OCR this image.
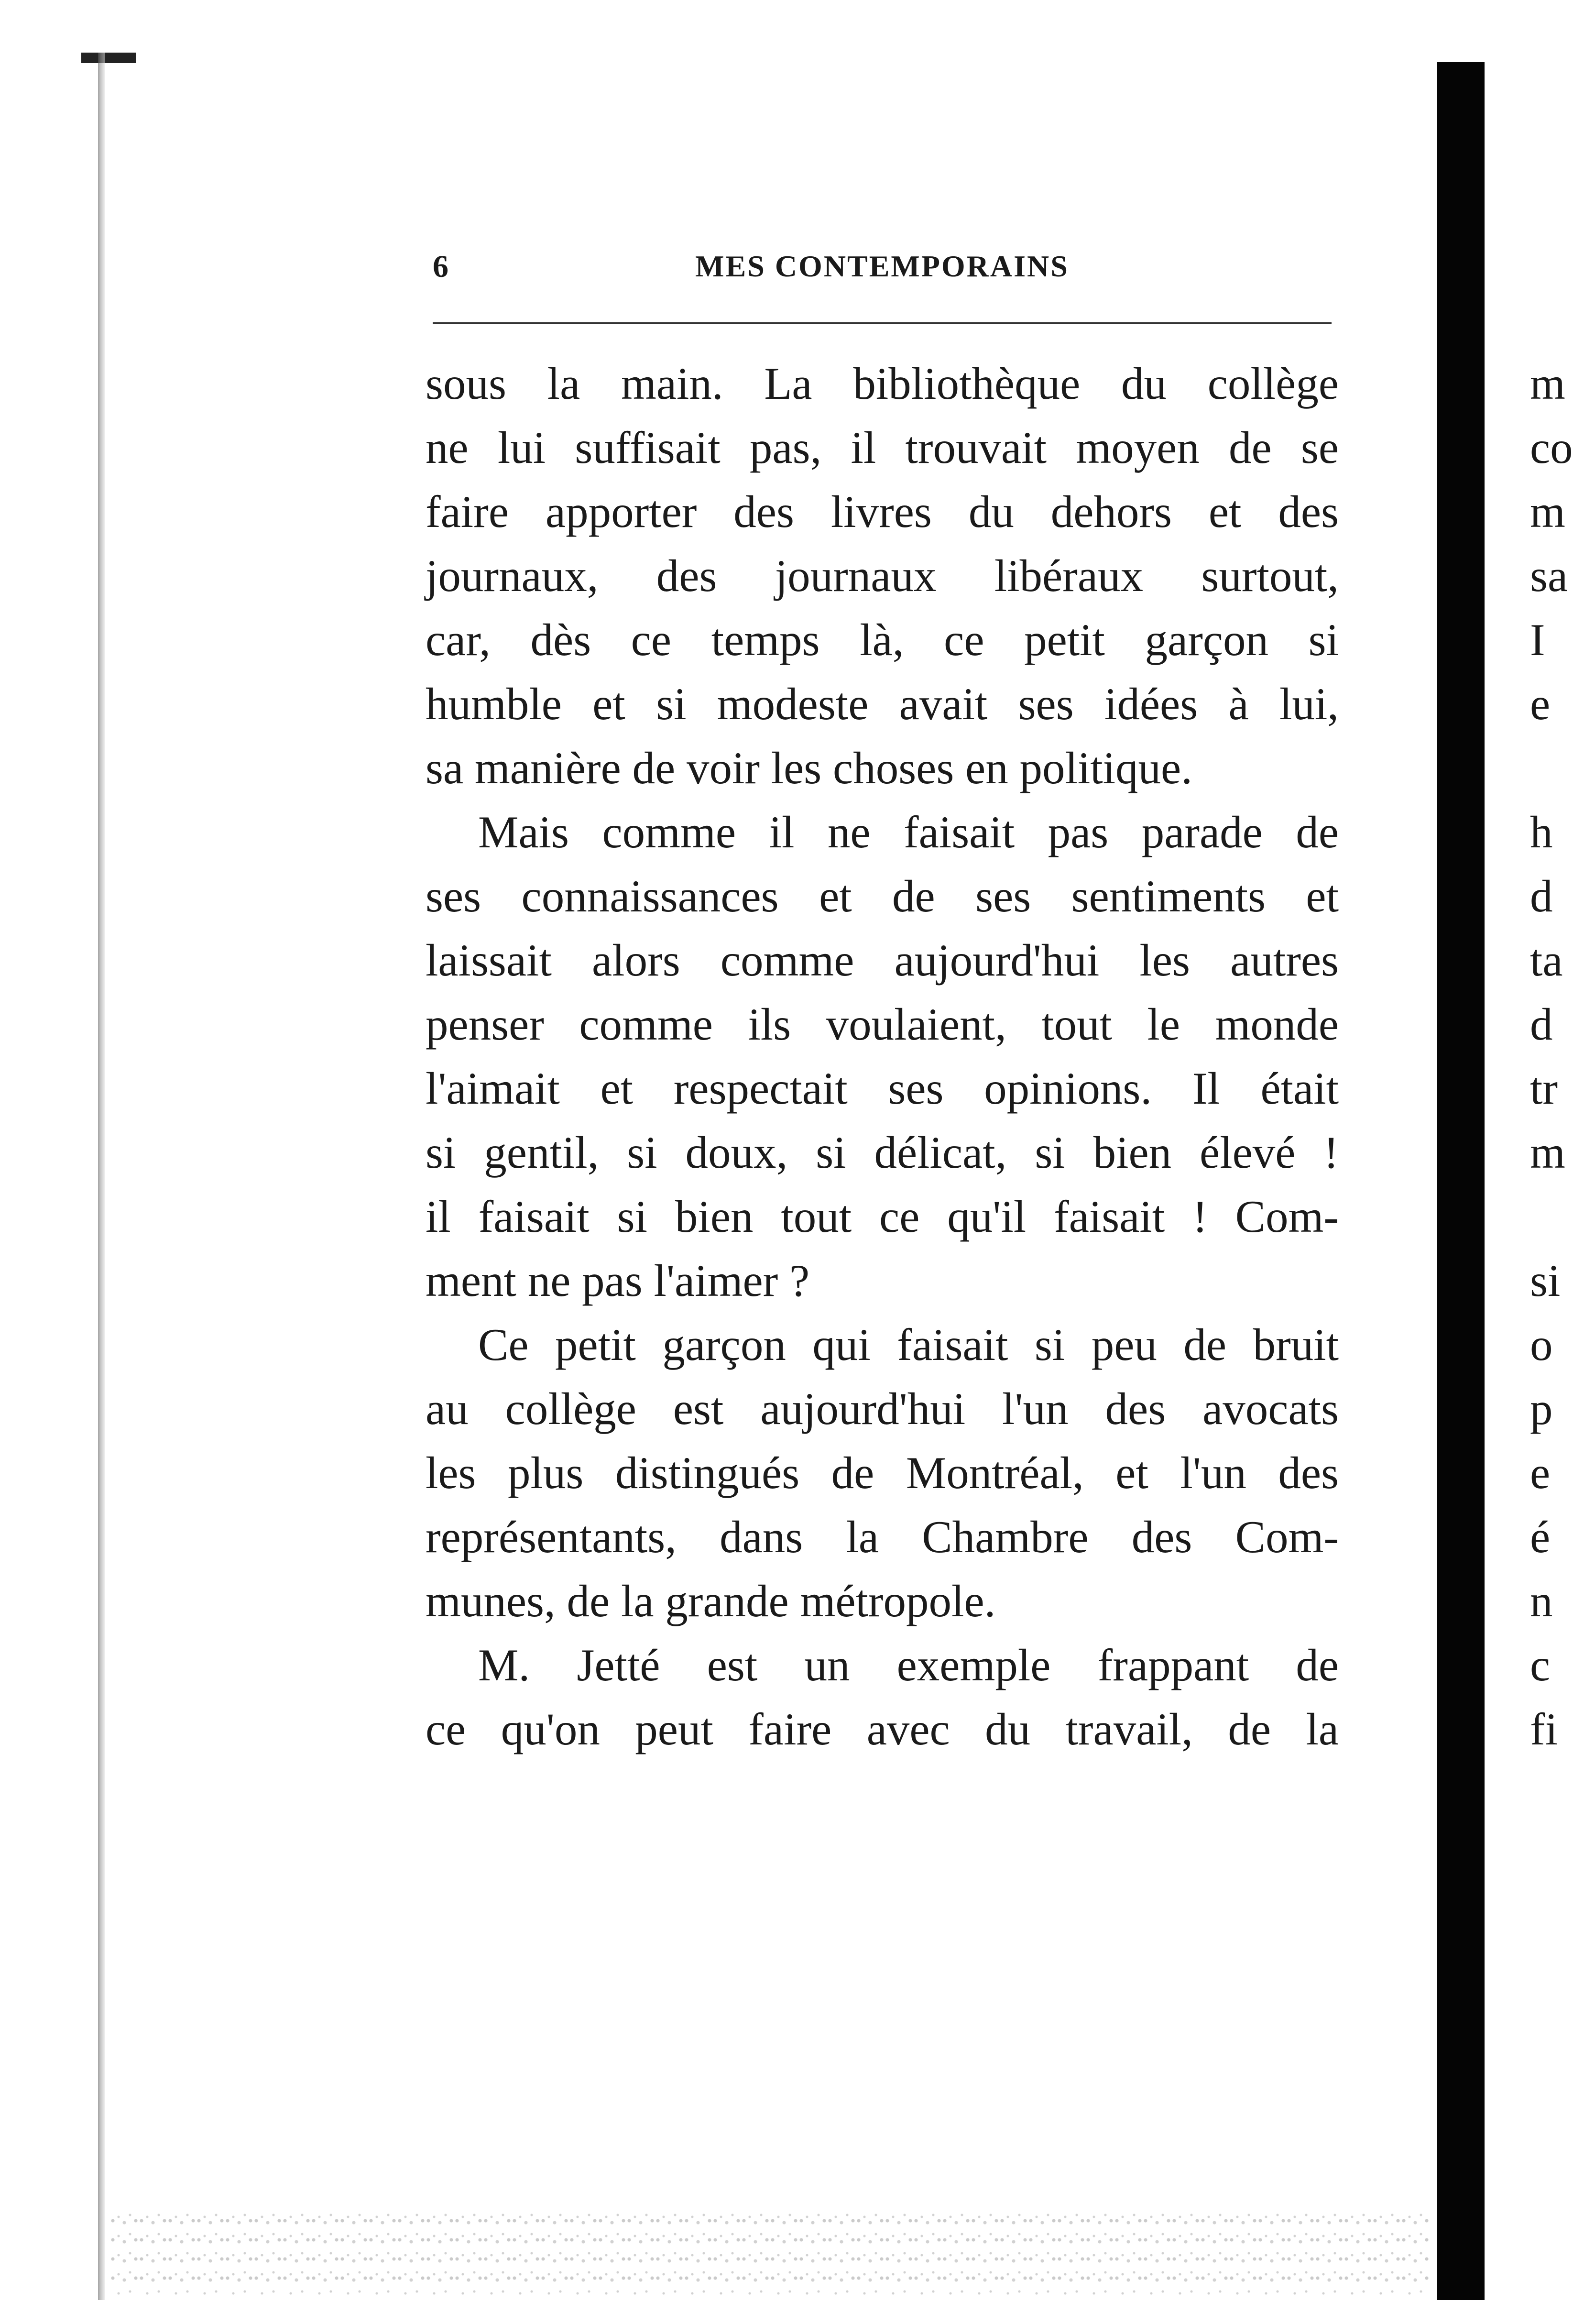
6	MES CONTEMPORAINS
sous la main. La bibliothèque du collège
ne lui suffisait pas, il trouvait moyen de se
faire apporter des livres du dehors et des
journaux, des journaux libéraux surtout,
car, dès ce temps là, ce petit garçon si
humble et si modeste avait ses idées à lui,
sa manière de voir les choses en politique.
Mais comme il ne faisait pas parade de
ses connaissances et de ses sentiments et
laissait alors comme aujourd'hui les autres
penser comme ils voulaient, tout le monde
l'aimait et respectait ses opinions. Il était
si gentil, si doux, si délicat, si bien élevé !
il faisait si bien tout ce qu'il faisait ! Com-
ment ne pas l'aimer ?
Ce petit garçon qui faisait si peu de bruit
au collège est aujourd'hui l'un des avocats
les plus distingués de Montréal, et l'un des
représentants, dans la Chambre des Com-
munes, de la grande métropole.
M. Jetté est un exemple frappant de
ce qu'on peut faire avec du travail, de la
m
co
m
sa
I
e
h
d
ta
d
tr
m
si
o
p
e
é
n
c
fi
